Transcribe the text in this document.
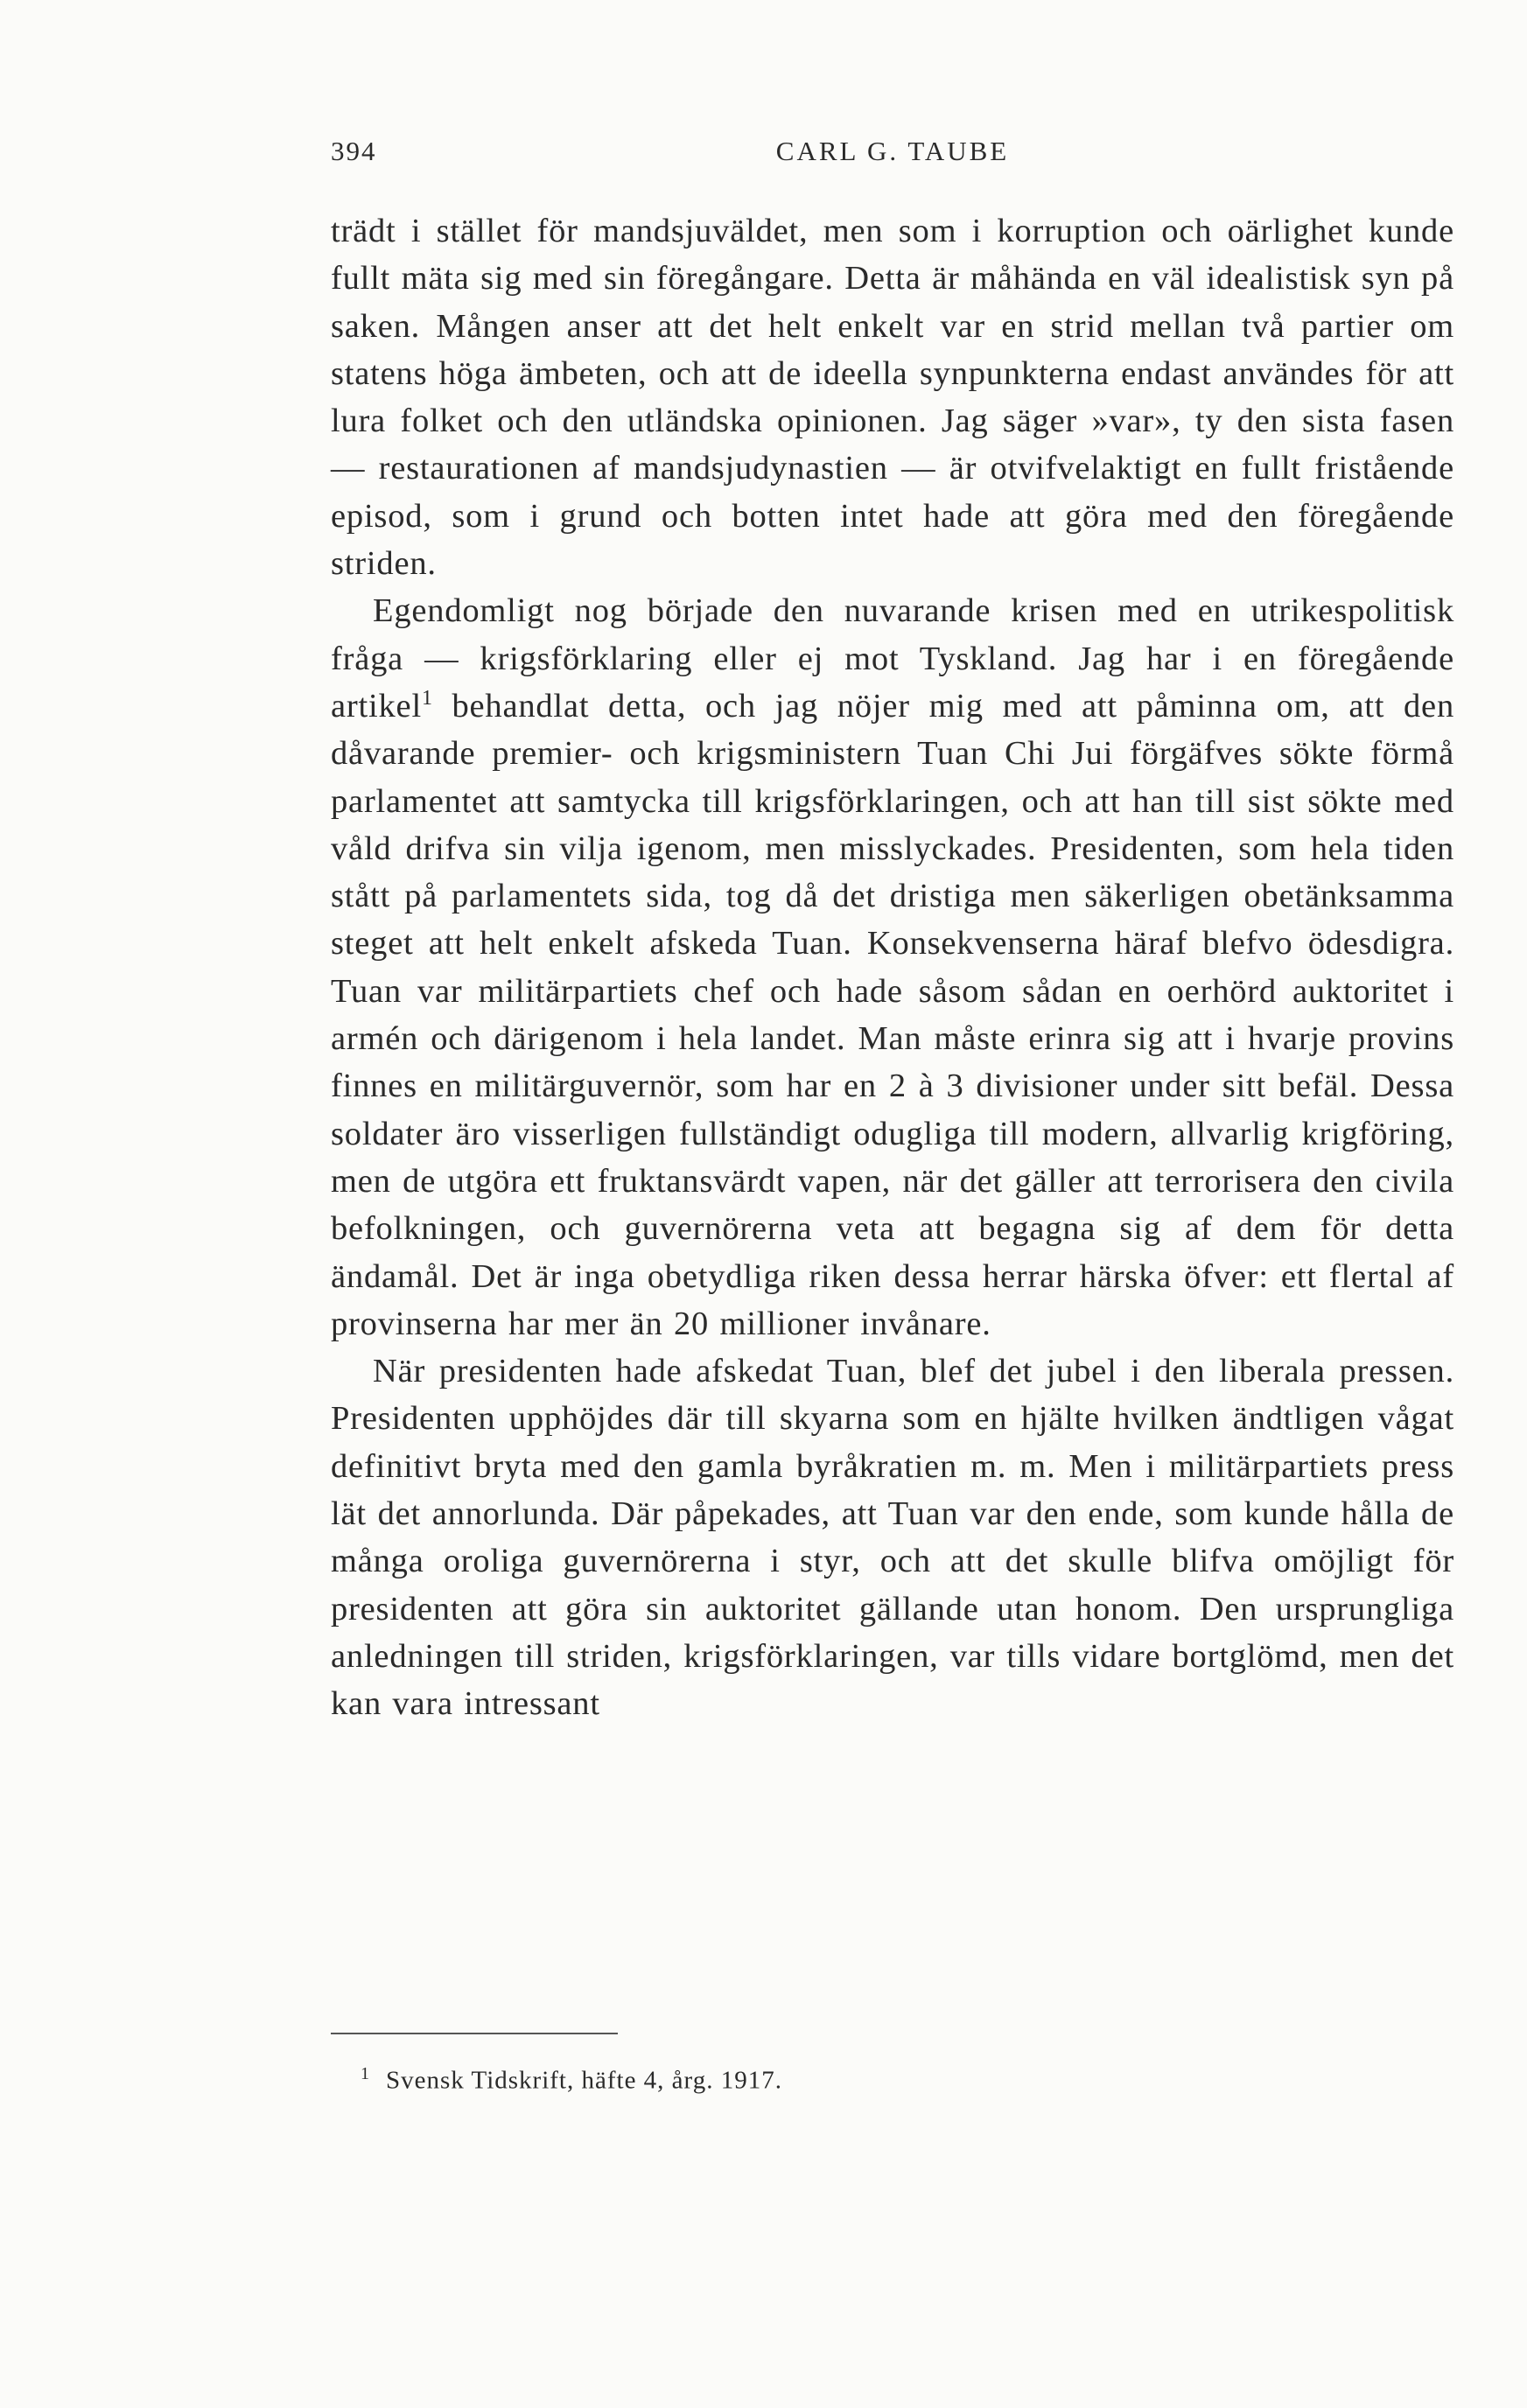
394	CARL G. TAUBE

trädt i stället för mandsjuväldet, men som i korruption och oärlighet kunde fullt mäta sig med sin föregångare. Detta är måhända en väl idealistisk syn på saken. Mången anser att det helt enkelt var en strid mellan två partier om statens höga ämbeten, och att de ideella synpunkterna endast användes för att lura folket och den utländska opinionen. Jag säger »var», ty den sista fasen — restaurationen af mandsjudynastien — är otvifvelaktigt en fullt fristående episod, som i grund och botten intet hade att göra med den föregående striden.

Egendomligt nog började den nuvarande krisen med en utrikespolitisk fråga — krigsförklaring eller ej mot Tyskland. Jag har i en föregående artikel$^1$ behandlat detta, och jag nöjer mig med att påminna om, att den dåvarande premier- och krigsministern Tuan Chi Jui förgäfves sökte förmå parlamentet att samtycka till krigsförklaringen, och att han till sist sökte med våld drifva sin vilja igenom, men misslyckades. Presidenten, som hela tiden stått på parlamentets sida, tog då det dristiga men säkerligen obetänksamma steget att helt enkelt afskeda Tuan. Konsekvenserna häraf blefvo ödesdigra. Tuan var militärpartiets chef och hade såsom sådan en oerhörd auktoritet i armén och därigenom i hela landet. Man måste erinra sig att i hvarje provins finnes en militärguvernör, som har en 2 à 3 divisioner under sitt befäl. Dessa soldater äro visserligen fullständigt odugliga till modern, allvarlig krigföring, men de utgöra ett fruktansvärdt vapen, när det gäller att terrorisera den civila befolkningen, och guvernörerna veta att begagna sig af dem för detta ändamål. Det är inga obetydliga riken dessa herrar härska öfver: ett flertal af provinserna har mer än 20 millioner invånare.

När presidenten hade afskedat Tuan, blef det jubel i den liberala pressen. Presidenten upphöjdes där till skyarna som en hjälte hvilken ändtligen vågat definitivt bryta med den gamla byråkratien m. m. Men i militärpartiets press lät det annorlunda. Där påpekades, att Tuan var den ende, som kunde hålla de många oroliga guvernörerna i styr, och att det skulle blifva omöjligt för presidenten att göra sin auktoritet gällande utan honom. Den ursprungliga anledningen till striden, krigsförklaringen, var tills vidare bortglömd, men det kan vara intressant

$^1$ Svensk Tidskrift, häfte 4, årg. 1917.
